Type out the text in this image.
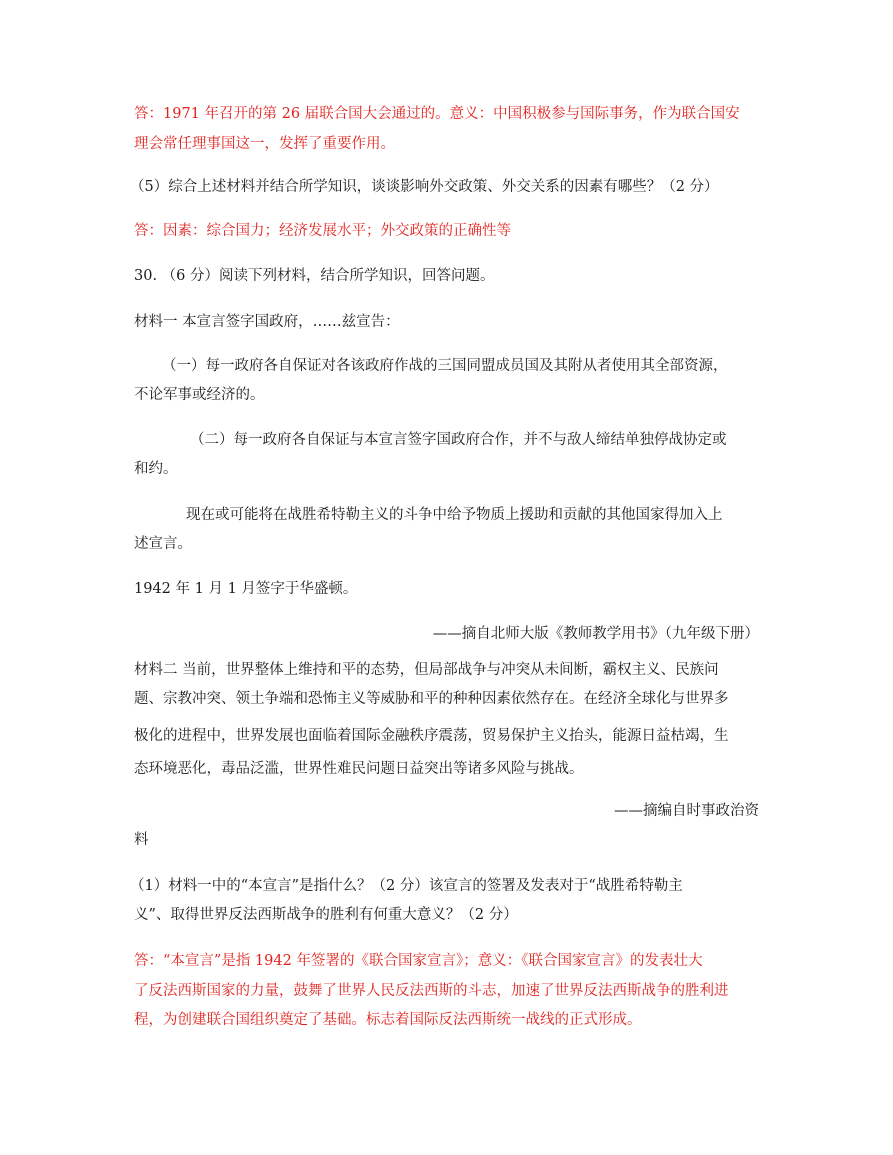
答：1971 年召开的第 26 届联合国大会通过的。意义：中国积极参与国际事务，作为联合国安

理会常任理事国这一，发挥了重要作用。

（5）综合上述材料并结合所学知识，谈谈影响外交政策、外交关系的因素有哪些？（2 分）

答：因素：综合国力；经济发展水平；外交政策的正确性等

30. （6 分）阅读下列材料，结合所学知识，回答问题。

材料一 本宣言签字国政府，……兹宣告：

（一）每一政府各自保证对各该政府作战的三国同盟成员国及其附从者使用其全部资源，

不论军事或经济的。

（二）每一政府各自保证与本宣言签字国政府合作，并不与敌人缔结单独停战协定或

和约。

现在或可能将在战胜希特勒主义的斗争中给予物质上援助和贡献的其他国家得加入上

述宣言。

1942 年 1 月 1 月签字于华盛顿。

——摘自北师大版《教师教学用书》（九年级下册）

材料二 当前，世界整体上维持和平的态势，但局部战争与冲突从未间断，霸权主义、民族问

题、宗教冲突、领土争端和恐怖主义等威胁和平的种种因素依然存在。在经济全球化与世界多

极化的进程中，世界发展也面临着国际金融秩序震荡，贸易保护主义抬头，能源日益枯竭，生

态环境恶化，毒品泛滥，世界性难民问题日益突出等诸多风险与挑战。

——摘编自时事政治资

料

（1）材料一中的“本宣言”是指什么？（2 分）该宣言的签署及发表对于“战胜希特勒主

义”、取得世界反法西斯战争的胜利有何重大意义？（2 分）

答：“本宣言”是指 1942 年签署的《联合国家宣言》；意义：《联合国家宣言》的发表壮大

了反法西斯国家的力量，鼓舞了世界人民反法西斯的斗志，加速了世界反法西斯战争的胜利进

程，为创建联合国组织奠定了基础。标志着国际反法西斯统一战线的正式形成。
